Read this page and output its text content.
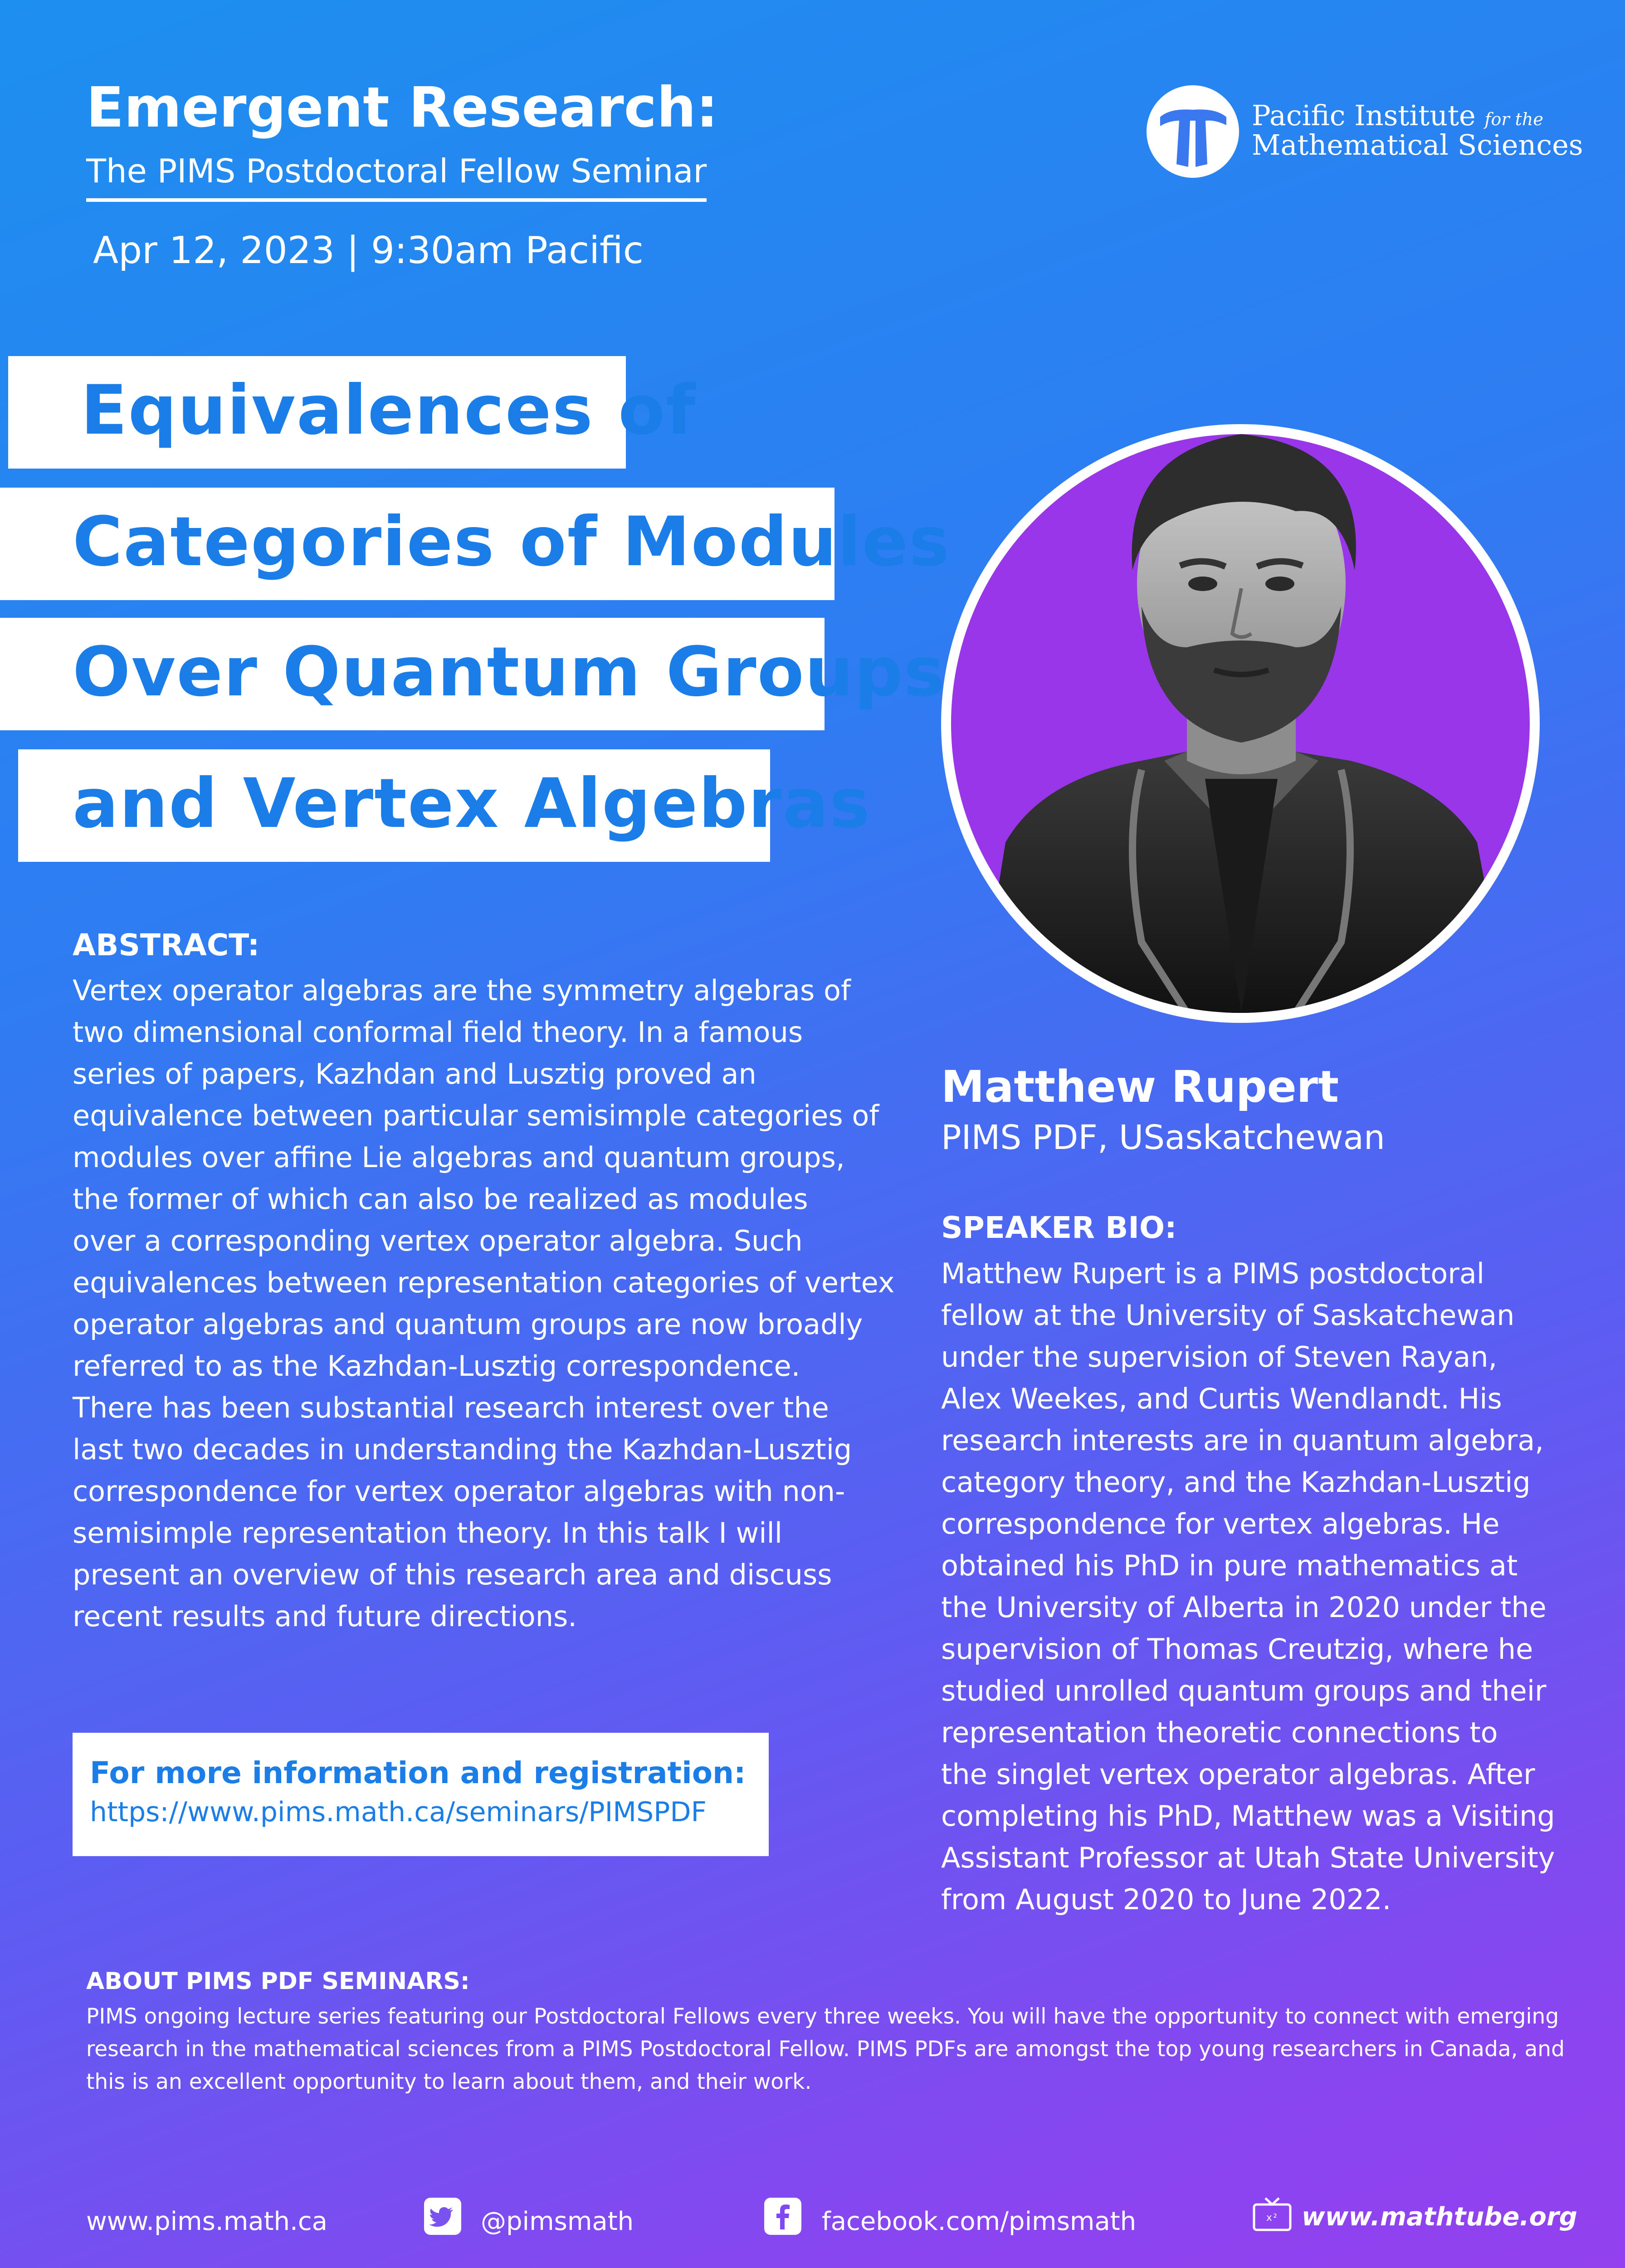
Emergent Research:
The PIMS Postdoctoral Fellow Seminar
Apr 12, 2023 | 9:30am Pacific
Pacific Institute for the
Mathematical Sciences
Equivalences of
Categories of Modules
Over Quantum Groups
and Vertex Algebras
Matthew Rupert
PIMS PDF, USaskatchewan
ABSTRACT:
Vertex operator algebras are the symmetry algebras of
two dimensional conformal field theory. In a famous
series of papers, Kazhdan and Lusztig proved an
equivalence between particular semisimple categories of
modules over affine Lie algebras and quantum groups,
the former of which can also be realized as modules
over a corresponding vertex operator algebra. Such
equivalences between representation categories of vertex
operator algebras and quantum groups are now broadly
referred to as the Kazhdan-Lusztig correspondence.
There has been substantial research interest over the
last two decades in understanding the Kazhdan-Lusztig
correspondence for vertex operator algebras with non-
semisimple representation theory. In this talk I will
present an overview of this research area and discuss
recent results and future directions.
For more information and registration:
https://www.pims.math.ca/seminars/PIMSPDF
SPEAKER BIO:
Matthew Rupert is a PIMS postdoctoral
fellow at the University of Saskatchewan
under the supervision of Steven Rayan,
Alex Weekes, and Curtis Wendlandt. His
research interests are in quantum algebra,
category theory, and the Kazhdan-Lusztig
correspondence for vertex algebras. He
obtained his PhD in pure mathematics at
the University of Alberta in 2020 under the
supervision of Thomas Creutzig, where he
studied unrolled quantum groups and their
representation theoretic connections to
the singlet vertex operator algebras. After
completing his PhD, Matthew was a Visiting
Assistant Professor at Utah State University
from August 2020 to June 2022.
ABOUT PIMS PDF SEMINARS:
PIMS ongoing lecture series featuring our Postdoctoral Fellows every three weeks. You will have the opportunity to connect with emerging
research in the mathematical sciences from a PIMS Postdoctoral Fellow. PIMS PDFs are amongst the top young researchers in Canada, and
this is an excellent opportunity to learn about them, and their work.
www.pims.math.ca	@pimsmath	facebook.com/pimsmath	x² www.mathtube.org
